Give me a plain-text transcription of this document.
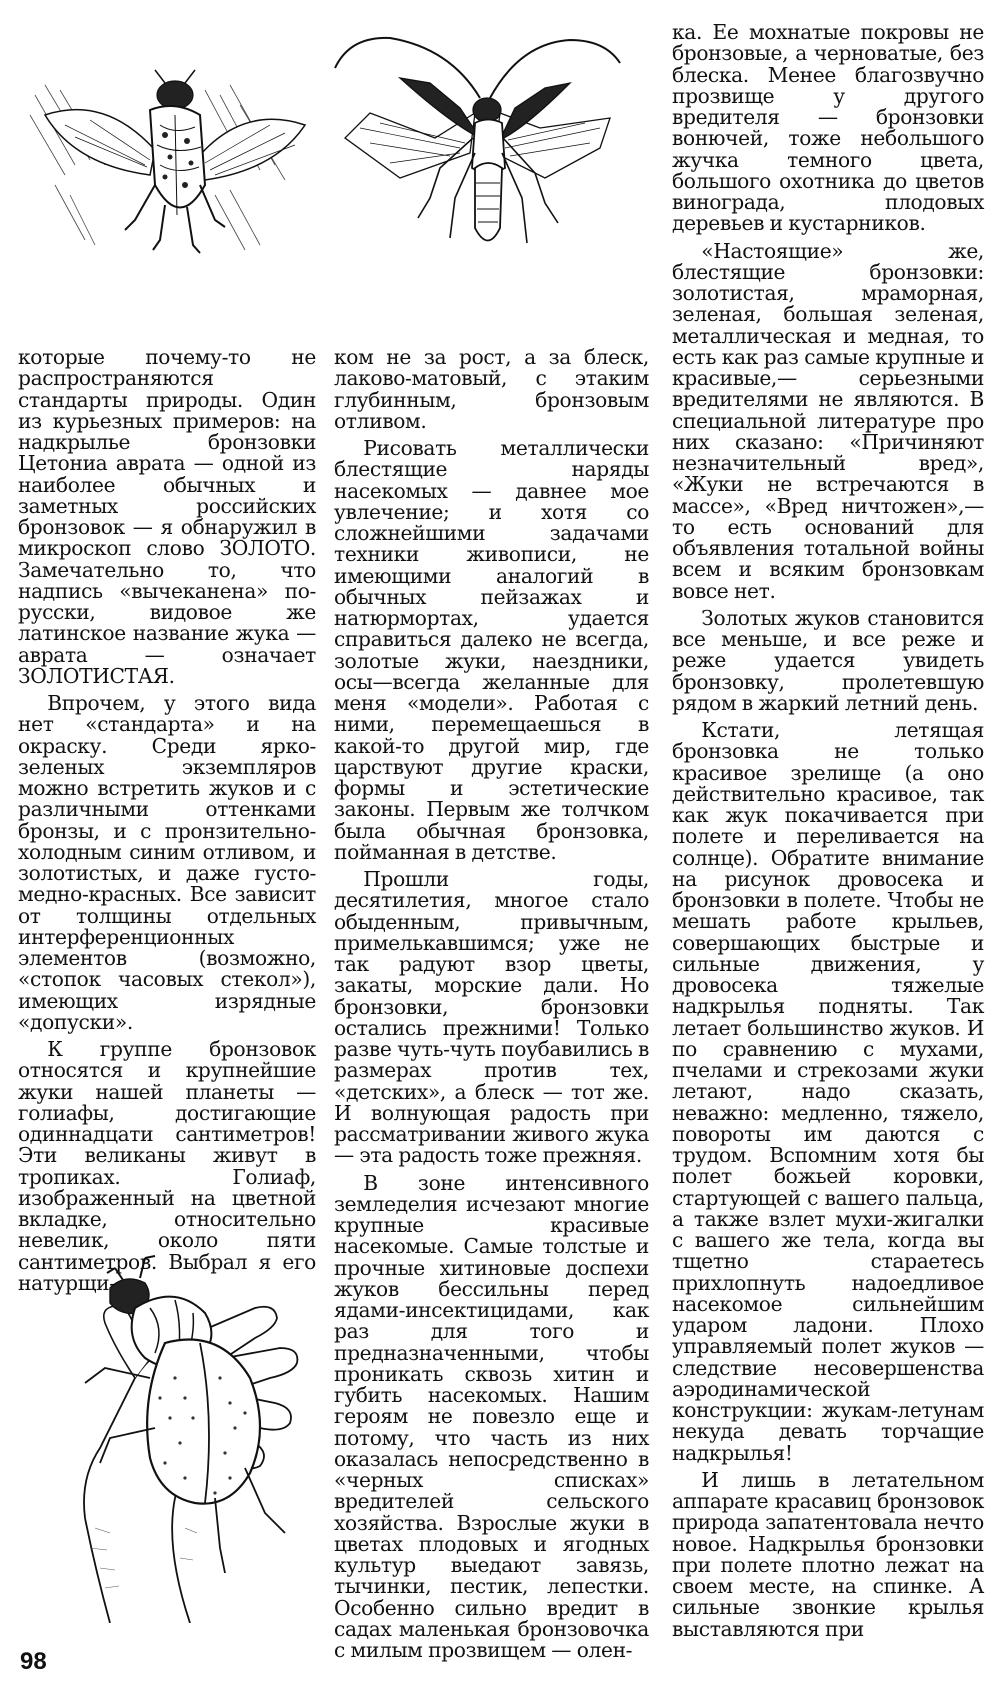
которые почему-то не распространяются стандарты природы. Один из курьезных примеров: на надкрылье бронзовки Цетониа аврата — одной из наиболее обычных и заметных российских бронзовок — я обнаружил в микроскоп слово ЗОЛОТО. Замечательно то, что надпись «вычеканена» по-русски, видовое же латинское название жука — аврата — означает ЗОЛОТИСТАЯ.

Впрочем, у этого вида нет «стандарта» и на окраску. Среди ярко-зеленых экземпляров можно встретить жуков и с различными оттенками бронзы, и с пронзительно-холодным синим отливом, и золотистых, и даже густо-медно-красных. Все зависит от толщины отдельных интерференционных элементов (возможно, «стопок часовых стекол»), имеющих изрядные «допуски».

К группе бронзовок относятся и крупнейшие жуки нашей планеты — голиафы, достигающие одиннадцати сантиметров! Эти великаны живут в тропиках. Голиаф, изображенный на цветной вкладке, относительно невелик, около пяти сантиметров. Выбрал я его натурщи-

ком не за рост, а за блеск, лаково-матовый, с этаким глубинным, бронзовым отливом.

Рисовать металлически блестящие наряды насекомых — давнее мое увлечение; и хотя со сложнейшими задачами техники живописи, не имеющими аналогий в обычных пейзажах и натюрмортах, удается справиться далеко не всегда, золотые жуки, наездники, осы—всегда желанные для меня «модели». Работая с ними, перемещаешься в какой-то другой мир, где царствуют другие краски, формы и эстетические законы. Первым же толчком была обычная бронзовка, пойманная в детстве.

Прошли годы, десятилетия, многое стало обыденным, привычным, примелькавшимся; уже не так радуют взор цветы, закаты, морские дали. Но бронзовки, бронзовки остались прежними! Только разве чуть-чуть поубавились в размерах против тех, «детских», а блеск — тот же. И волнующая радость при рассматривании живого жука — эта радость тоже прежняя.

В зоне интенсивного земледелия исчезают многие крупные красивые насекомые. Самые толстые и прочные хитиновые доспехи жуков бессильны перед ядами-инсектицидами, как раз для того и предназначенными, чтобы проникать сквозь хитин и губить насекомых. Нашим героям не повезло еще и потому, что часть из них оказалась непосредственно в «черных списках» вредителей сельского хозяйства. Взрослые жуки в цветах плодовых и ягодных культур выедают завязь, тычинки, пестик, лепестки. Особенно сильно вредит в садах маленькая бронзовочка с милым прозвищем — олен-

ка. Ее мохнатые покровы не бронзовые, а черноватые, без блеска. Менее благозвучно прозвище у другого вредителя — бронзовки вонючей, тоже небольшого жучка темного цвета, большого охотника до цветов винограда, плодовых деревьев и кустарников.

«Настоящие» же, блестящие бронзовки: золотистая, мраморная, зеленая, большая зеленая, металлическая и медная, то есть как раз самые крупные и красивые,— серьезными вредителями не являются. В специальной литературе про них сказано: «Причиняют незначительный вред», «Жуки не встречаются в массе», «Вред ничтожен»,— то есть оснований для объявления тотальной войны всем и всяким бронзовкам вовсе нет.

Золотых жуков становится все меньше, и все реже и реже удается увидеть бронзовку, пролетевшую рядом в жаркий летний день.

Кстати, летящая бронзовка не только красивое зрелище (а оно действительно красивое, так как жук покачивается при полете и переливается на солнце). Обратите внимание на рисунок дровосека и бронзовки в полете. Чтобы не мешать работе крыльев, совершающих быстрые и сильные движения, у дровосека тяжелые надкрылья подняты. Так летает большинство жуков. И по сравнению с мухами, пчелами и стрекозами жуки летают, надо сказать, неважно: медленно, тяжело, повороты им даются с трудом. Вспомним хотя бы полет божьей коровки, стартующей с вашего пальца, а также взлет мухи-жигалки с вашего же тела, когда вы тщетно стараетесь прихлопнуть надоедливое насекомое сильнейшим ударом ладони. Плохо управляемый полет жуков — следствие несовершенства аэродинамической конструкции: жукам-летунам некуда девать торчащие надкрылья!

И лишь в летательном аппарате красавиц бронзовок природа запатентовала нечто новое. Надкрылья бронзовки при полете плотно лежат на своем месте, на спинке. А сильные звонкие крылья выставляются при

98
